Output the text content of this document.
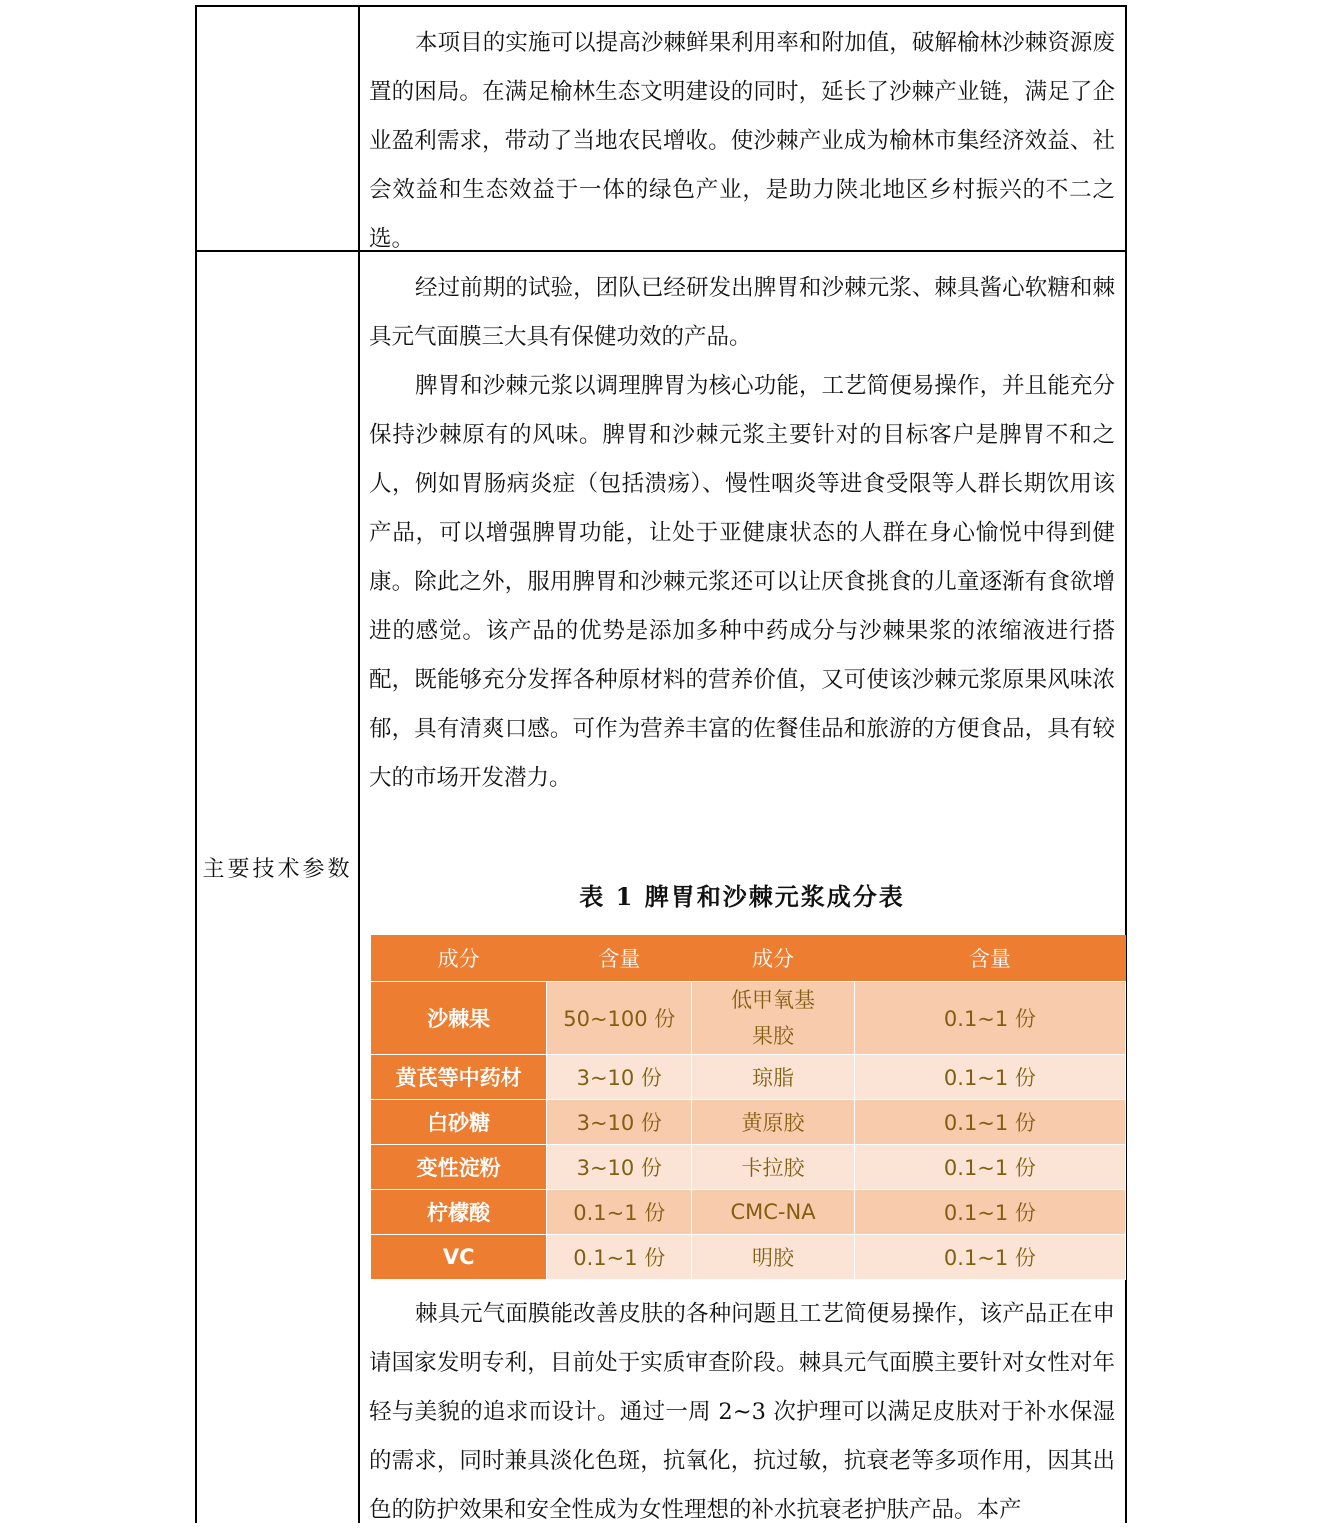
本项目的实施可以提高沙棘鲜果利用率和附加值，破解榆林沙棘资源废置的困局。在满足榆林生态文明建设的同时，延长了沙棘产业链，满足了企业盈利需求，带动了当地农民增收。使沙棘产业成为榆林市集经济效益、社会效益和生态效益于一体的绿色产业，是助力陕北地区乡村振兴的不二之选。
主要技术参数
经过前期的试验，团队已经研发出脾胃和沙棘元浆、棘具酱心软糖和棘具元气面膜三大具有保健功效的产品。
脾胃和沙棘元浆以调理脾胃为核心功能，工艺简便易操作，并且能充分保持沙棘原有的风味。脾胃和沙棘元浆主要针对的目标客户是脾胃不和之人，例如胃肠病炎症（包括溃疡）、慢性咽炎等进食受限等人群长期饮用该产品，可以增强脾胃功能，让处于亚健康状态的人群在身心愉悦中得到健康。除此之外，服用脾胃和沙棘元浆还可以让厌食挑食的儿童逐渐有食欲增进的感觉。该产品的优势是添加多种中药成分与沙棘果浆的浓缩液进行搭配，既能够充分发挥各种原材料的营养价值，又可使该沙棘元浆原果风味浓郁，具有清爽口感。可作为营养丰富的佐餐佳品和旅游的方便食品，具有较大的市场开发潜力。
表 1 脾胃和沙棘元浆成分表
成分	含量	成分	含量
沙棘果	50~100 份	低甲氧基果胶	0.1~1 份
黄芪等中药材	3~10 份	琼脂	0.1~1 份
白砂糖	3~10 份	黄原胶	0.1~1 份
变性淀粉	3~10 份	卡拉胶	0.1~1 份
柠檬酸	0.1~1 份	CMC-NA	0.1~1 份
VC	0.1~1 份	明胶	0.1~1 份
棘具元气面膜能改善皮肤的各种问题且工艺简便易操作，该产品正在申请国家发明专利，目前处于实质审查阶段。棘具元气面膜主要针对女性对年轻与美貌的追求而设计。通过一周 2~3 次护理可以满足皮肤对于补水保湿的需求，同时兼具淡化色斑，抗氧化，抗过敏，抗衰老等多项作用，因其出色的防护效果和安全性成为女性理想的补水抗衰老护肤产品。本产
